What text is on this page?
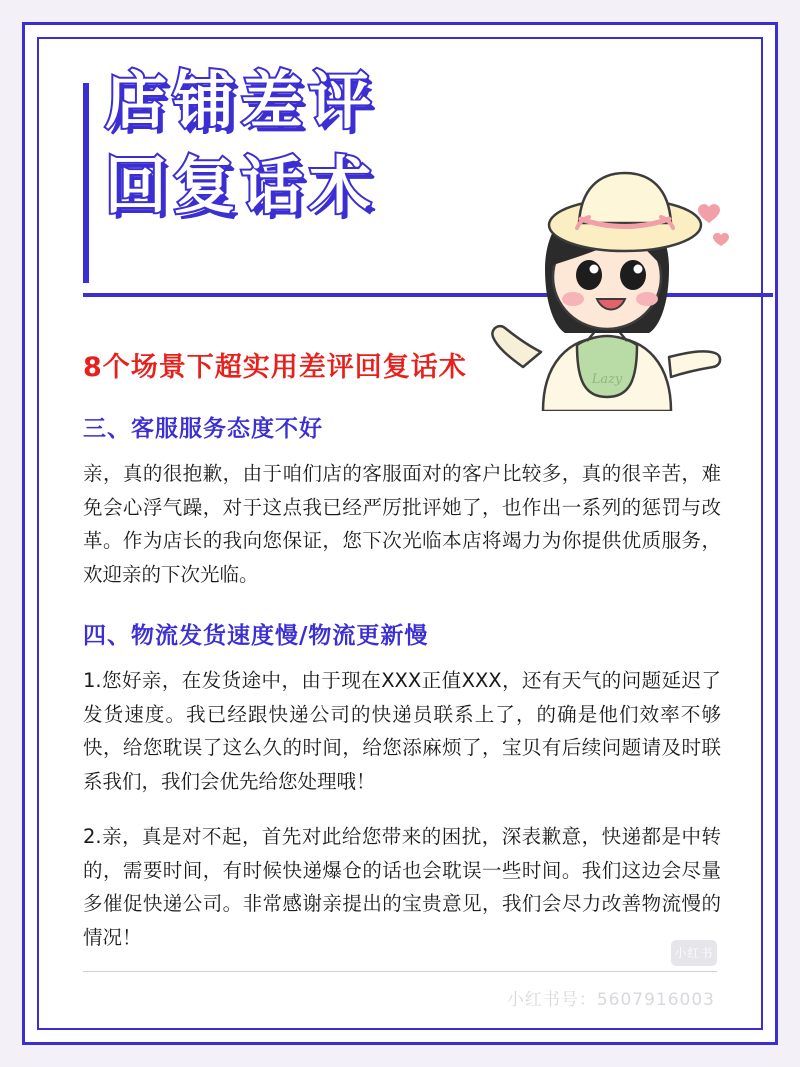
店铺差评
回复话术
Lazy
8个场景下超实用差评回复话术
三、客服服务态度不好
亲，真的很抱歉，由于咱们店的客服面对的客户比较多，真的很辛苦，难免会心浮气躁，对于这点我已经严厉批评她了，也作出一系列的惩罚与改革。作为店长的我向您保证，您下次光临本店将竭力为你提供优质服务，欢迎亲的下次光临。
四、物流发货速度慢/物流更新慢
1.您好亲，在发货途中，由于现在XXX正值XXX，还有天气的问题延迟了发货速度。我已经跟快递公司的快递员联系上了，的确是他们效率不够快，给您耽误了这么久的时间，给您添麻烦了，宝贝有后续问题请及时联系我们，我们会优先给您处理哦！
2.亲，真是对不起，首先对此给您带来的困扰，深表歉意，快递都是中转的，需要时间，有时候快递爆仓的话也会耽误一些时间。我们这边会尽量多催促快递公司。非常感谢亲提出的宝贵意见，我们会尽力改善物流慢的情况！
小红书
小红书号：5607916003
